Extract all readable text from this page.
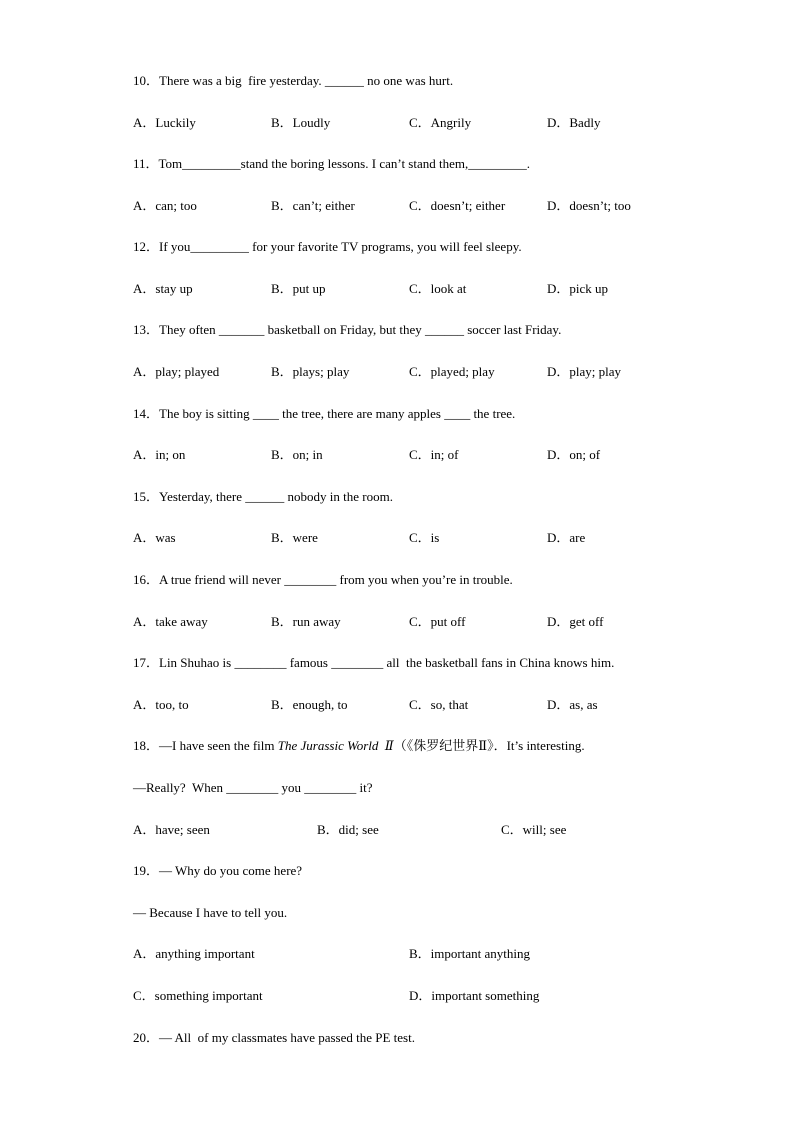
10．There was a big  fire yesterday. ______ no one was hurt.
A．Luckily	B．Loudly	C．Angrily	D．Badly
11．Tom_________stand the boring lessons. I can’t stand them,_________.
A．can; too	B．can’t; either	C．doesn’t; either	D．doesn’t; too
12．If you_________ for your favorite TV programs, you will feel sleepy.
A．stay up	B．put up	C．look at	D．pick up
13．They often _______ basketball on Friday, but they ______ soccer last Friday.
A．play; played	B．plays; play	C．played; play	D．play; play
14．The boy is sitting ____ the tree, there are many apples ____ the tree.
A．in; on	B．on; in	C．in; of	D．on; of
15．Yesterday, there ______ nobody in the room.
A．was	B．were	C．is	D．are
16．A true friend will never ________ from you when you’re in trouble.
A．take away	B．run away	C．put off	D．get off
17．Lin Shuhao is ________ famous ________ all  the basketball fans in China knows him.
A．too, to	B．enough, to	C．so, that	D．as, as
18．—I have seen the film The Jurassic World  Ⅱ（《侏罗纪世界Ⅱ》．It’s interesting.
—Really?  When ________ you ________ it?
A．have; seen	B．did; see	C．will; see
19．— Why do you come here?
— Because I have to tell you.
A．anything important	B．important anything
C．something important	D．important something
20．— All  of my classmates have passed the PE test.
